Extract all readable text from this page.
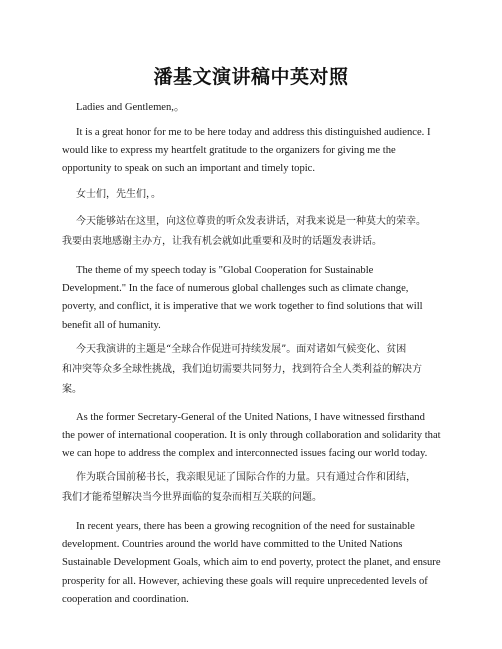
潘基文演讲稿中英对照

Ladies and Gentlemen,。

It is a great honor for me to be here today and address this distinguished audience. I
would like to express my heartfelt gratitude to the organizers for giving me the
opportunity to speak on such an important and timely topic.

女士们，先生们，。

今天能够站在这里，向这位尊贵的听众发表讲话，对我来说是一种莫大的荣幸。
我要由衷地感谢主办方，让我有机会就如此重要和及时的话题发表讲话。

The theme of my speech today is "Global Cooperation for Sustainable
Development." In the face of numerous global challenges such as climate change,
poverty, and conflict, it is imperative that we work together to find solutions that will
benefit all of humanity.

今天我演讲的主题是“全球合作促进可持续发展”。面对诸如气候变化、贫困
和冲突等众多全球性挑战，我们迫切需要共同努力，找到符合全人类利益的解决方
案。

As the former Secretary-General of the United Nations, I have witnessed firsthand
the power of international cooperation. It is only through collaboration and solidarity that
we can hope to address the complex and interconnected issues facing our world today.

作为联合国前秘书长，我亲眼见证了国际合作的力量。只有通过合作和团结，
我们才能希望解决当今世界面临的复杂而相互关联的问题。

In recent years, there has been a growing recognition of the need for sustainable
development. Countries around the world have committed to the United Nations
Sustainable Development Goals, which aim to end poverty, protect the planet, and ensure
prosperity for all. However, achieving these goals will require unprecedented levels of
cooperation and coordination.
